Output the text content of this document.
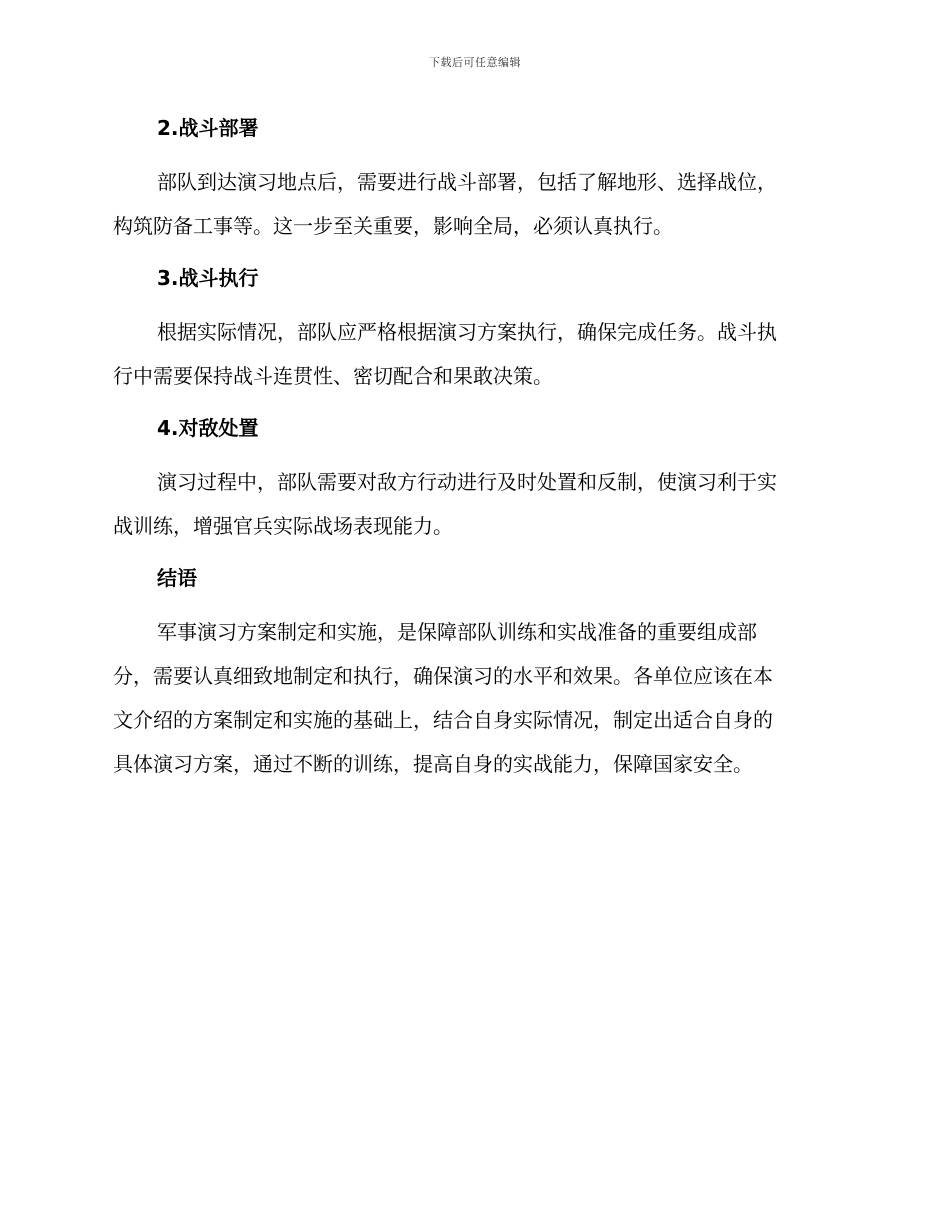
下载后可任意编辑
2.战斗部署
部队到达演习地点后，需要进行战斗部署，包括了解地形、选择战位，
构筑防备工事等。这一步至关重要，影响全局，必须认真执行。
3.战斗执行
根据实际情况，部队应严格根据演习方案执行，确保完成任务。战斗执
行中需要保持战斗连贯性、密切配合和果敢决策。
4.对敌处置
演习过程中，部队需要对敌方行动进行及时处置和反制，使演习利于实
战训练，增强官兵实际战场表现能力。
结语
军事演习方案制定和实施，是保障部队训练和实战准备的重要组成部
分，需要认真细致地制定和执行，确保演习的水平和效果。各单位应该在本
文介绍的方案制定和实施的基础上，结合自身实际情况，制定出适合自身的
具体演习方案，通过不断的训练，提高自身的实战能力，保障国家安全。
